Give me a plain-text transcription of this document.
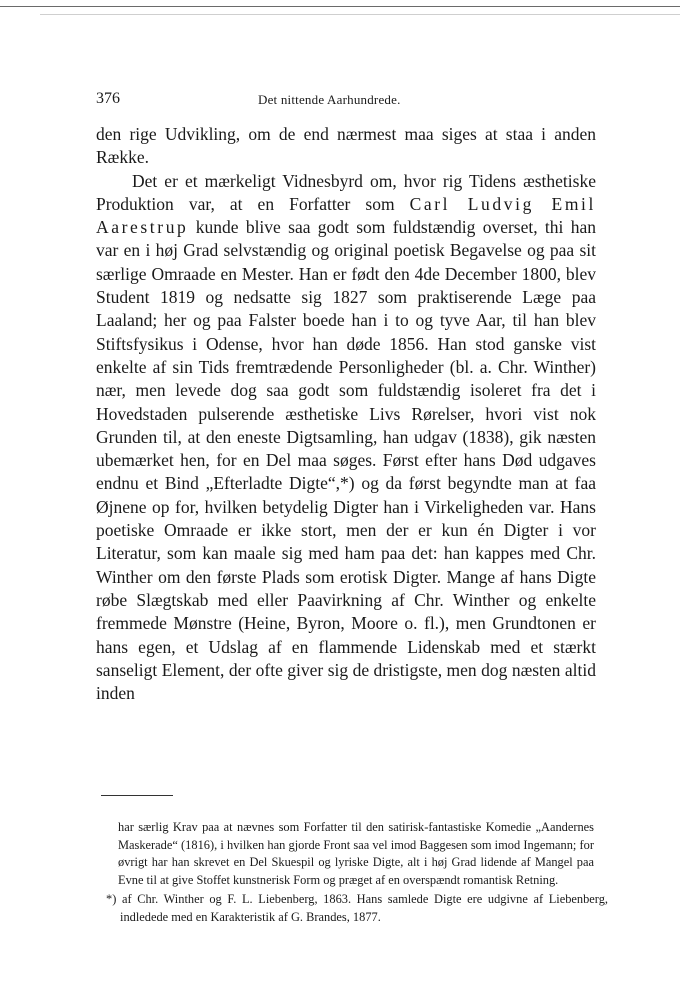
376	Det nittende Aarhundrede.

den rige Udvikling, om de end nærmest maa siges at staa i anden Række.

Det er et mærkeligt Vidnesbyrd om, hvor rig Tidens æsthetiske Produktion var, at en Forfatter som Carl Ludvig Emil Aarestrup kunde blive saa godt som fuldstændig overset, thi han var en i høj Grad selvstændig og original poetisk Begavelse og paa sit særlige Omraade en Mester. Han er født den 4de December 1800, blev Student 1819 og nedsatte sig 1827 som praktiserende Læge paa Laaland; her og paa Falster boede han i to og tyve Aar, til han blev Stiftsfysikus i Odense, hvor han døde 1856. Han stod ganske vist enkelte af sin Tids fremtrædende Personligheder (bl. a. Chr. Winther) nær, men levede dog saa godt som fuldstændig isoleret fra det i Hovedstaden pulserende æsthetiske Livs Rørelser, hvori vist nok Grunden til, at den eneste Digtsamling, han udgav (1838), gik næsten ubemærket hen, for en Del maa søges. Først efter hans Død udgaves endnu et Bind „Efterladte Digte“,*) og da først begyndte man at faa Øjnene op for, hvilken betydelig Digter han i Virkeligheden var. Hans poetiske Omraade er ikke stort, men der er kun én Digter i vor Literatur, som kan maale sig med ham paa det: han kappes med Chr. Winther om den første Plads som erotisk Digter. Mange af hans Digte røbe Slægtskab med eller Paavirkning af Chr. Winther og enkelte fremmede Mønstre (Heine, Byron, Moore o. fl.), men Grundtonen er hans egen, et Udslag af en flammende Lidenskab med et stærkt sanseligt Element, der ofte giver sig de dristigste, men dog næsten altid inden

har særlig Krav paa at nævnes som Forfatter til den satirisk-fantastiske Komedie „Aandernes Maskerade“ (1816), i hvilken han gjorde Front saa vel imod Baggesen som imod Ingemann; for øvrigt har han skrevet en Del Skuespil og lyriske Digte, alt i høj Grad lidende af Mangel paa Evne til at give Stoffet kunstnerisk Form og præget af en overspændt romantisk Retning.

*) af Chr. Winther og F. L. Liebenberg, 1863. Hans samlede Digte ere udgivne af Liebenberg, indledede med en Karakteristik af G. Brandes, 1877.
